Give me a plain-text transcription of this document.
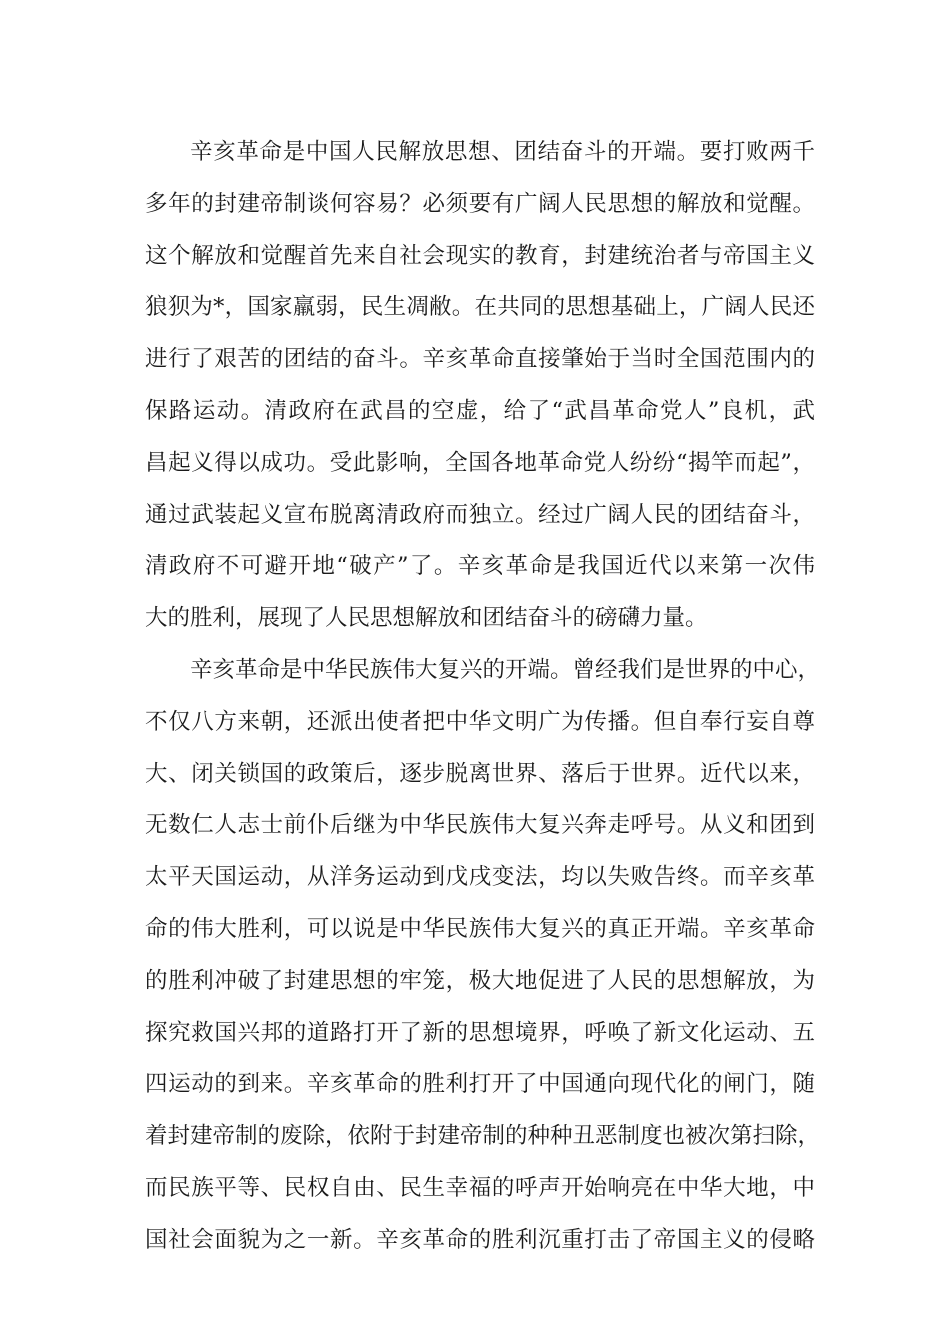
辛亥革命是中国人民解放思想、团结奋斗的开端。要打败两千
多年的封建帝制谈何容易？必须要有广阔人民思想的解放和觉醒。
这个解放和觉醒首先来自社会现实的教育，封建统治者与帝国主义
狼狈为*，国家羸弱，民生凋敝。在共同的思想基础上，广阔人民还
进行了艰苦的团结的奋斗。辛亥革命直接肇始于当时全国范围内的
保路运动。清政府在武昌的空虚，给了“武昌革命党人”良机，武
昌起义得以成功。受此影响，全国各地革命党人纷纷“揭竿而起”，
通过武装起义宣布脱离清政府而独立。经过广阔人民的团结奋斗，
清政府不可避开地“破产”了。辛亥革命是我国近代以来第一次伟
大的胜利，展现了人民思想解放和团结奋斗的磅礴力量。
辛亥革命是中华民族伟大复兴的开端。曾经我们是世界的中心，
不仅八方来朝，还派出使者把中华文明广为传播。但自奉行妄自尊
大、闭关锁国的政策后，逐步脱离世界、落后于世界。近代以来，
无数仁人志士前仆后继为中华民族伟大复兴奔走呼号。从义和团到
太平天国运动，从洋务运动到戊戌变法，均以失败告终。而辛亥革
命的伟大胜利，可以说是中华民族伟大复兴的真正开端。辛亥革命
的胜利冲破了封建思想的牢笼，极大地促进了人民的思想解放，为
探究救国兴邦的道路打开了新的思想境界，呼唤了新文化运动、五
四运动的到来。辛亥革命的胜利打开了中国通向现代化的闸门，随
着封建帝制的废除，依附于封建帝制的种种丑恶制度也被次第扫除，
而民族平等、民权自由、民生幸福的呼声开始响亮在中华大地，中
国社会面貌为之一新。辛亥革命的胜利沉重打击了帝国主义的侵略
